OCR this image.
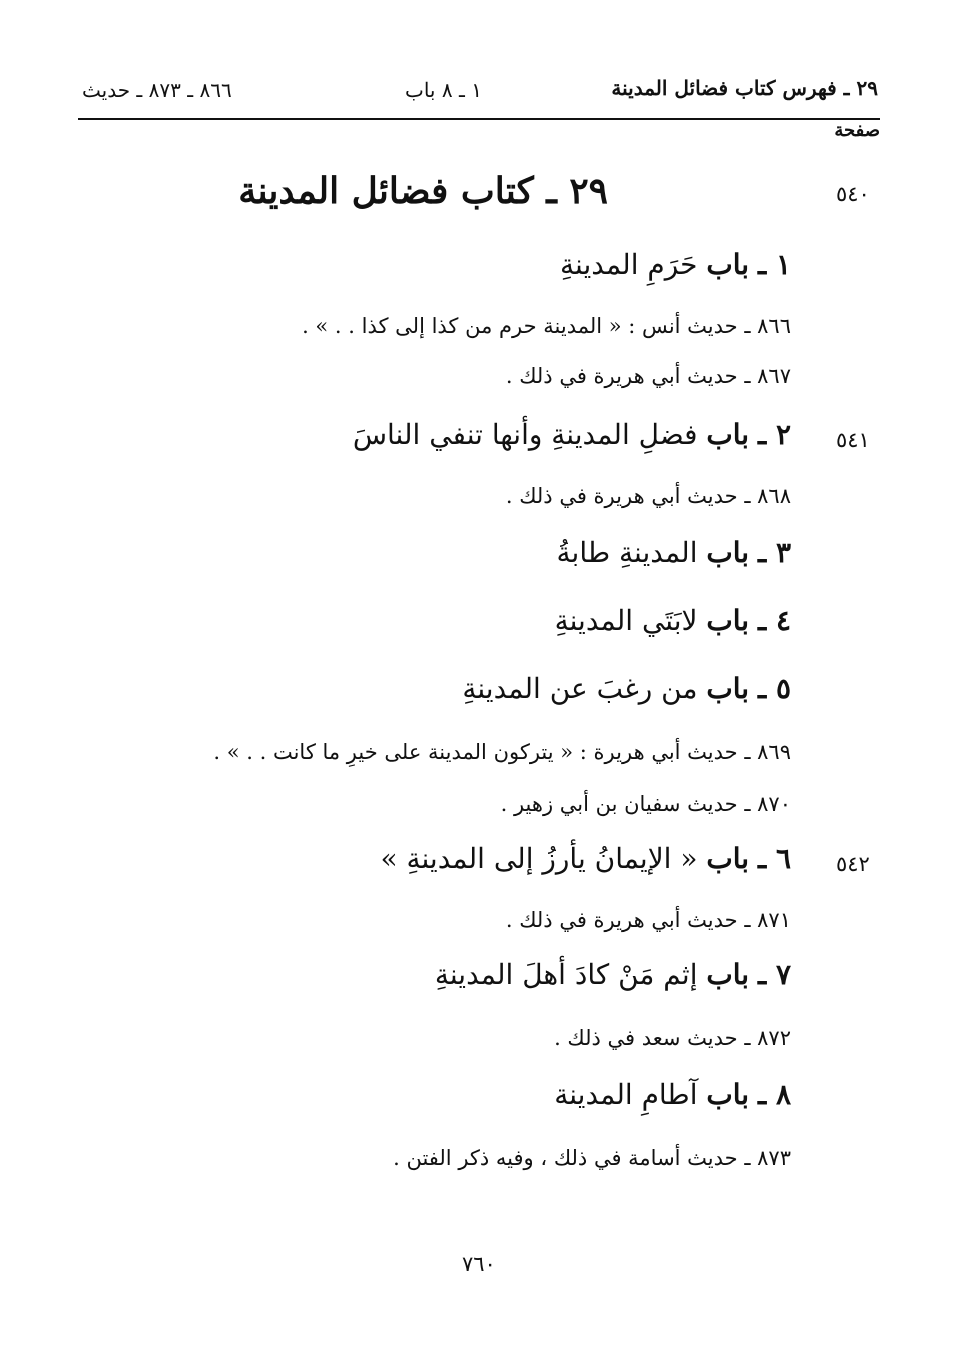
٢٩ ـ فهرس كتاب فضائل المدينة
١ ـ ٨ باب
٨٦٦ ـ ٨٧٣ ـ حديث
صفحة
٥٤٠
٢٩ ـ كتاب فضائل المدينة
١ ـ باب حَرَمِ المدينةِ
٨٦٦ ـ حديث أنس : « المدينة حرم من كذا إلى كذا . . » .
٨٦٧ ـ حديث أبي هريرة في ذلك .
٥٤١
٢ ـ باب فضلِ المدينةِ وأنها تنفي الناسَ
٨٦٨ ـ حديث أبي هريرة في ذلك .
٣ ـ باب المدينةِ طابةُ
٤ ـ باب لابَتَي المدينةِ
٥ ـ باب من رغبَ عن المدينةِ
٨٦٩ ـ حديث أبي هريرة : « يتركون المدينة على خيرِ ما كانت . . » .
٨٧٠ ـ حديث سفيان بن أبي زهير .
٥٤٢
٦ ـ باب « الإيمانُ يأرزُ إلى المدينةِ »
٨٧١ ـ حديث أبي هريرة في ذلك .
٧ ـ باب إثم مَنْ كادَ أهلَ المدينةِ
٨٧٢ ـ حديث سعد في ذلك .
٨ ـ باب آطامِ المدينة
٨٧٣ ـ حديث أسامة في ذلك ، وفيه ذكر الفتن .
٧٦٠
